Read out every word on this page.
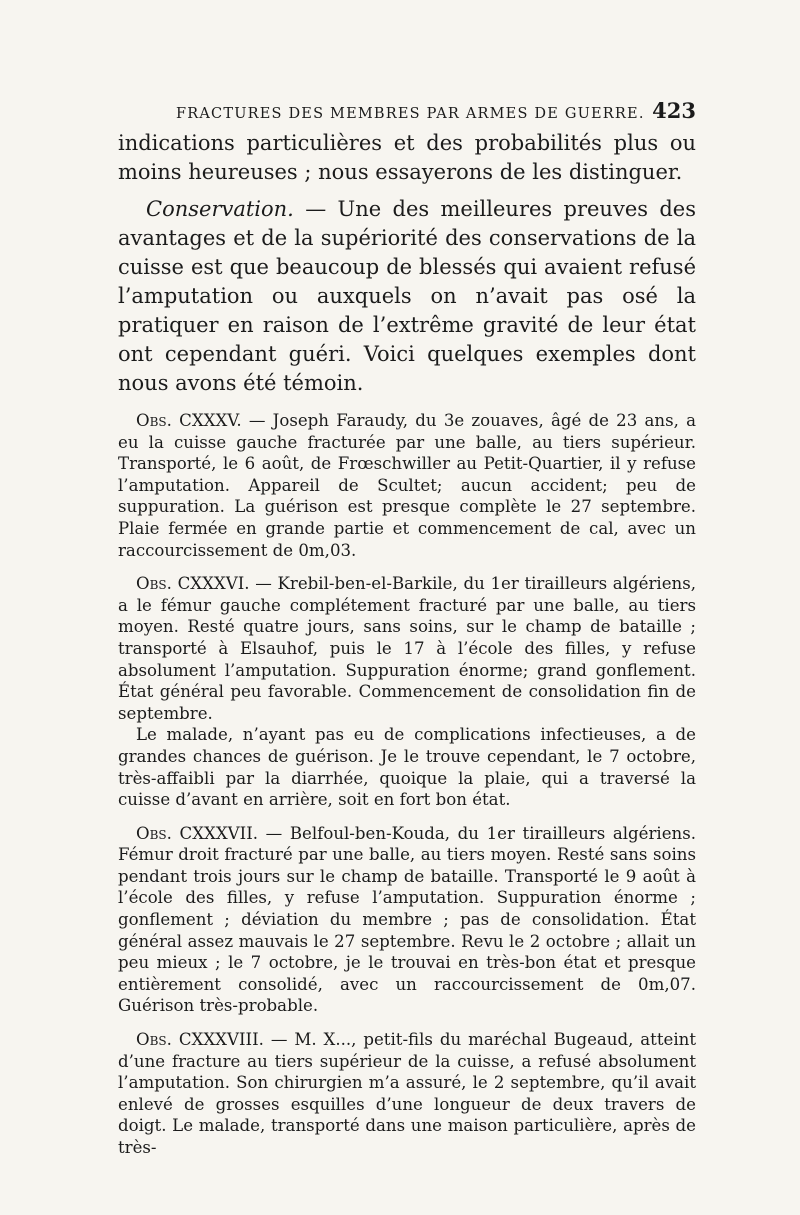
FRACTURES DES MEMBRES PAR ARMES DE GUERRE. 423

indications particulières et des probabilités plus ou moins heureuses ; nous essayerons de les distinguer.

Conservation. — Une des meilleures preuves des avantages et de la supériorité des conservations de la cuisse est que beaucoup de blessés qui avaient refusé l’amputation ou auxquels on n’avait pas osé la pratiquer en raison de l’extrême gravité de leur état ont cependant guéri. Voici quelques exemples dont nous avons été témoin.

Obs. CXXXV. — Joseph Faraudy, du 3e zouaves, âgé de 23 ans, a eu la cuisse gauche fracturée par une balle, au tiers supérieur. Transporté, le 6 août, de Frœschwiller au Petit-Quartier, il y refuse l’amputation. Appareil de Scultet; aucun accident; peu de suppuration. La guérison est presque complète le 27 septembre. Plaie fermée en grande partie et commencement de cal, avec un raccourcissement de 0m,03.

Obs. CXXXVI. — Krebil-ben-el-Barkile, du 1er tirailleurs algériens, a le fémur gauche complétement fracturé par une balle, au tiers moyen. Resté quatre jours, sans soins, sur le champ de bataille ; transporté à Elsauhof, puis le 17 à l’école des filles, y refuse absolument l’amputation. Suppuration énorme; grand gonflement. État général peu favorable. Commencement de consolidation fin de septembre.

Le malade, n’ayant pas eu de complications infectieuses, a de grandes chances de guérison. Je le trouve cependant, le 7 octobre, très-affaibli par la diarrhée, quoique la plaie, qui a traversé la cuisse d’avant en arrière, soit en fort bon état.

Obs. CXXXVII. — Belfoul-ben-Kouda, du 1er tirailleurs algériens. Fémur droit fracturé par une balle, au tiers moyen. Resté sans soins pendant trois jours sur le champ de bataille. Transporté le 9 août à l’école des filles, y refuse l’amputation. Suppuration énorme ; gonflement ; déviation du membre ; pas de consolidation. État général assez mauvais le 27 septembre. Revu le 2 octobre ; allait un peu mieux ; le 7 octobre, je le trouvai en très-bon état et presque entièrement consolidé, avec un raccourcissement de 0m,07. Guérison très-probable.

Obs. CXXXVIII. — M. X..., petit-fils du maréchal Bugeaud, atteint d’une fracture au tiers supérieur de la cuisse, a refusé absolument l’amputation. Son chirurgien m’a assuré, le 2 septembre, qu’il avait enlevé de grosses esquilles d’une longueur de deux travers de doigt. Le malade, transporté dans une maison particulière, après de très-
